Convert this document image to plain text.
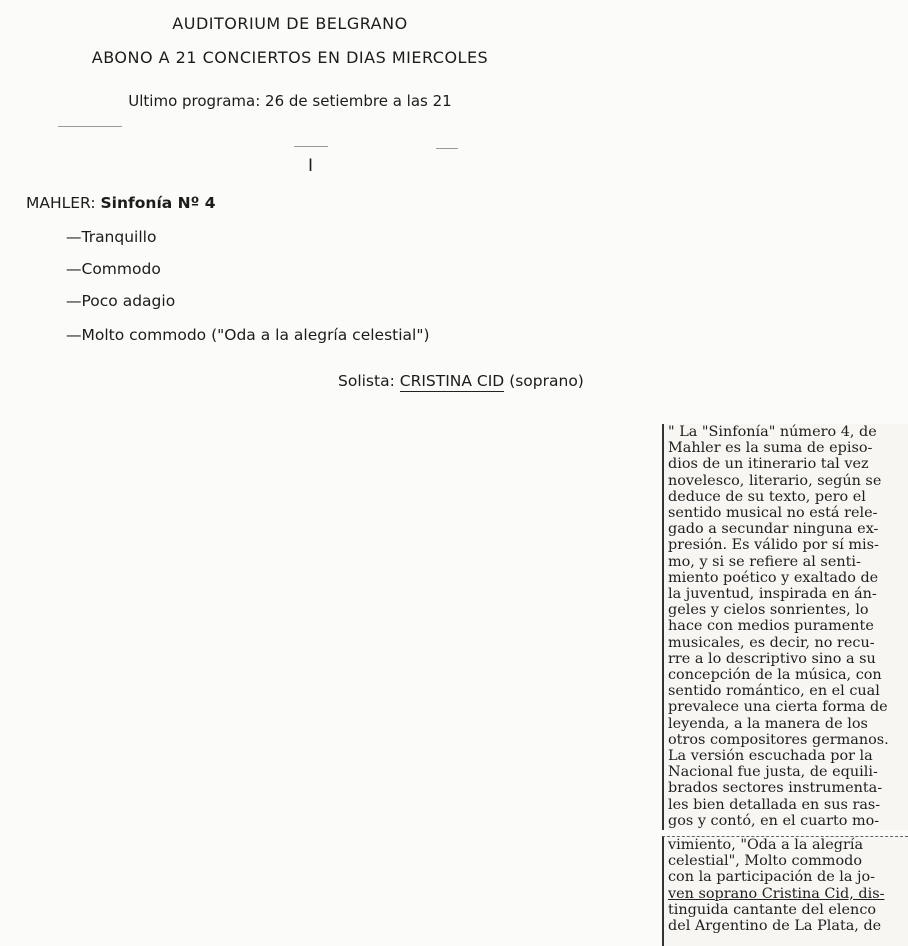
AUDITORIUM DE BELGRANO
ABONO A 21 CONCIERTOS EN DIAS MIERCOLES
Ultimo programa: 26 de setiembre a las 21
I
MAHLER: Sinfonía Nº 4
—Tranquillo
—Commodo
—Poco adagio
—Molto commodo ("Oda a la alegría celestial")
Solista: CRISTINA CID (soprano)
" La "Sinfonía" número 4, de
Mahler es la suma de episo-
dios de un itinerario tal vez
novelesco, literario, según se
deduce de su texto, pero el
sentido musical no está rele-
gado a secundar ninguna ex-
presión. Es válido por sí mis-
mo, y si se refiere al senti-
miento poético y exaltado de
la juventud, inspirada en án-
geles y cielos sonrientes, lo
hace con medios puramente
musicales, es decir, no recu-
rre a lo descriptivo sino a su
concepción de la música, con
sentido romántico, en el cual
prevalece una cierta forma de
leyenda, a la manera de los
otros compositores germanos.
La versión escuchada por la
Nacional fue justa, de equili-
brados sectores instrumenta-
les bien detallada en sus ras-
gos y contó, en el cuarto mo-
vimiento, "Oda a la alegría
celestial", Molto commodo
con la participación de la jo-
ven soprano Cristina Cid, dis-
tinguida cantante del elenco
del Argentino de La Plata, de
